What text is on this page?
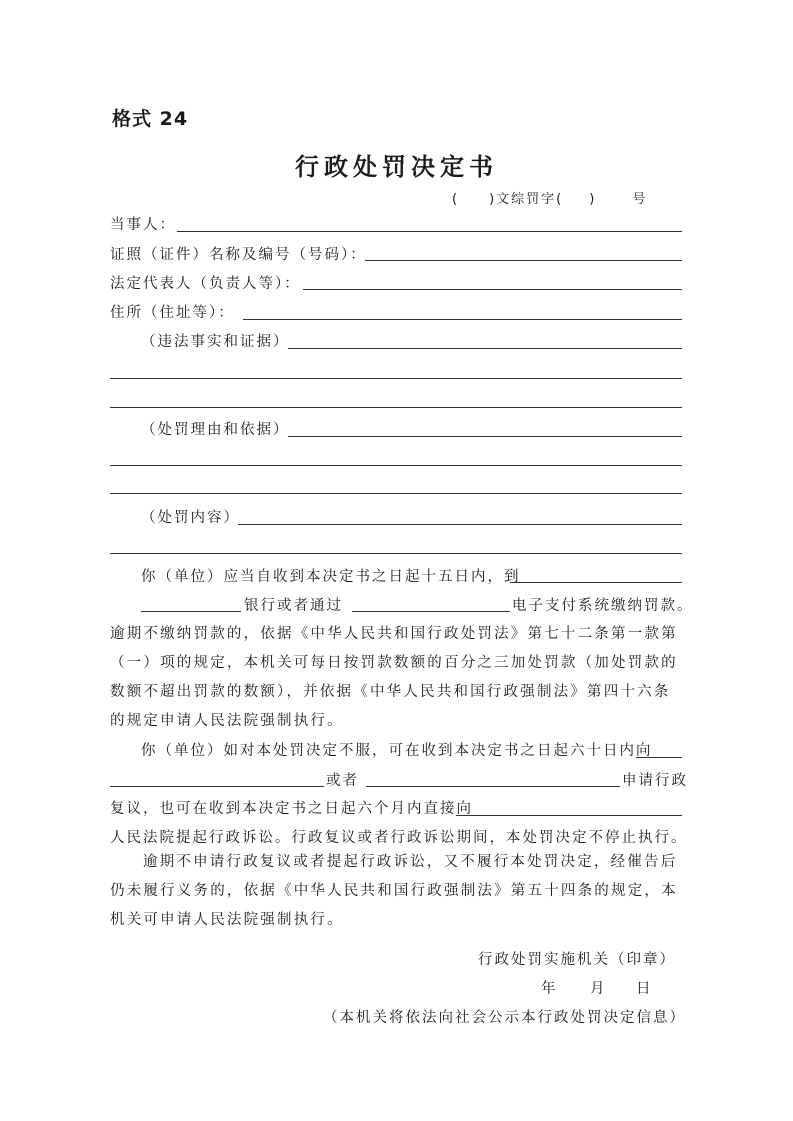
格式 24
行政处罚决定书
( )文综罚字( )	号
当事人：
证照（证件）名称及编号（号码）：
法定代表人（负责人等）：
住所（住址等）：
（违法事实和证据）
（处罚理由和依据）
（处罚内容）
你（单位）应当自收到本决定书之日起十五日内，到
银行或者通过	电子支付系统缴纳罚款。
逾期不缴纳罚款的，依据《中华人民共和国行政处罚法》第七十二条第一款第（一）项的规定，本机关可每日按罚款数额的百分之三加处罚款（加处罚款的数额不超出罚款的数额），并依据《中华人民共和国行政强制法》第四十六条的规定申请人民法院强制执行。
你（单位）如对本处罚决定不服，可在收到本决定书之日起六十日内向
或者	申请行政
复议，也可在收到本决定书之日起六个月内直接向
人民法院提起行政诉讼。行政复议或者行政诉讼期间，本处罚决定不停止执行。
逾期不申请行政复议或者提起行政诉讼，又不履行本处罚决定，经催告后仍未履行义务的，依据《中华人民共和国行政强制法》第五十四条的规定，本机关可申请人民法院强制执行。
行政处罚实施机关（印章）
年 月 日
（本机关将依法向社会公示本行政处罚决定信息）
